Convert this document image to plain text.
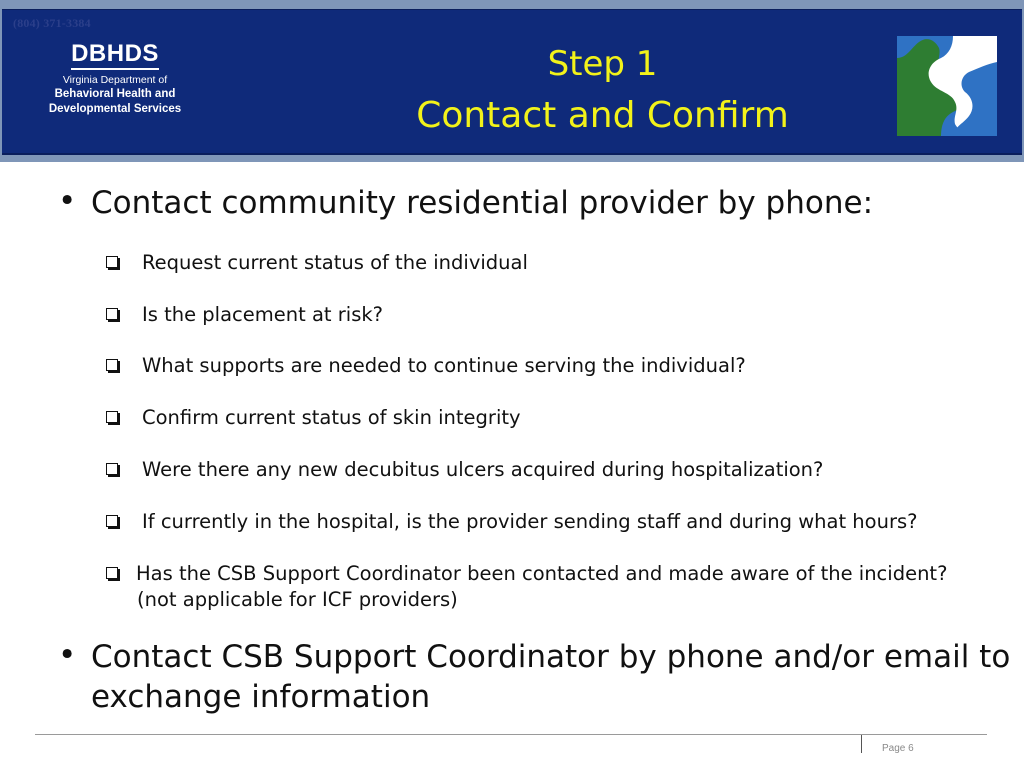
(804) 371-3384
DBHDS
Virginia Department of
Behavioral Health and
Developmental Services
Step 1
Contact and Confirm
• Contact community residential provider by phone:
Request current status of the individual
Is the placement at risk?
What supports are needed to continue serving the individual?
Confirm current status of skin integrity
Were there any new decubitus ulcers acquired during hospitalization?
If currently in the hospital, is the provider sending staff and during what hours?
Has the CSB Support Coordinator been contacted and made aware of the incident?
(not applicable for ICF providers)
• Contact CSB Support Coordinator by phone and/or email to
exchange information
Page 6
